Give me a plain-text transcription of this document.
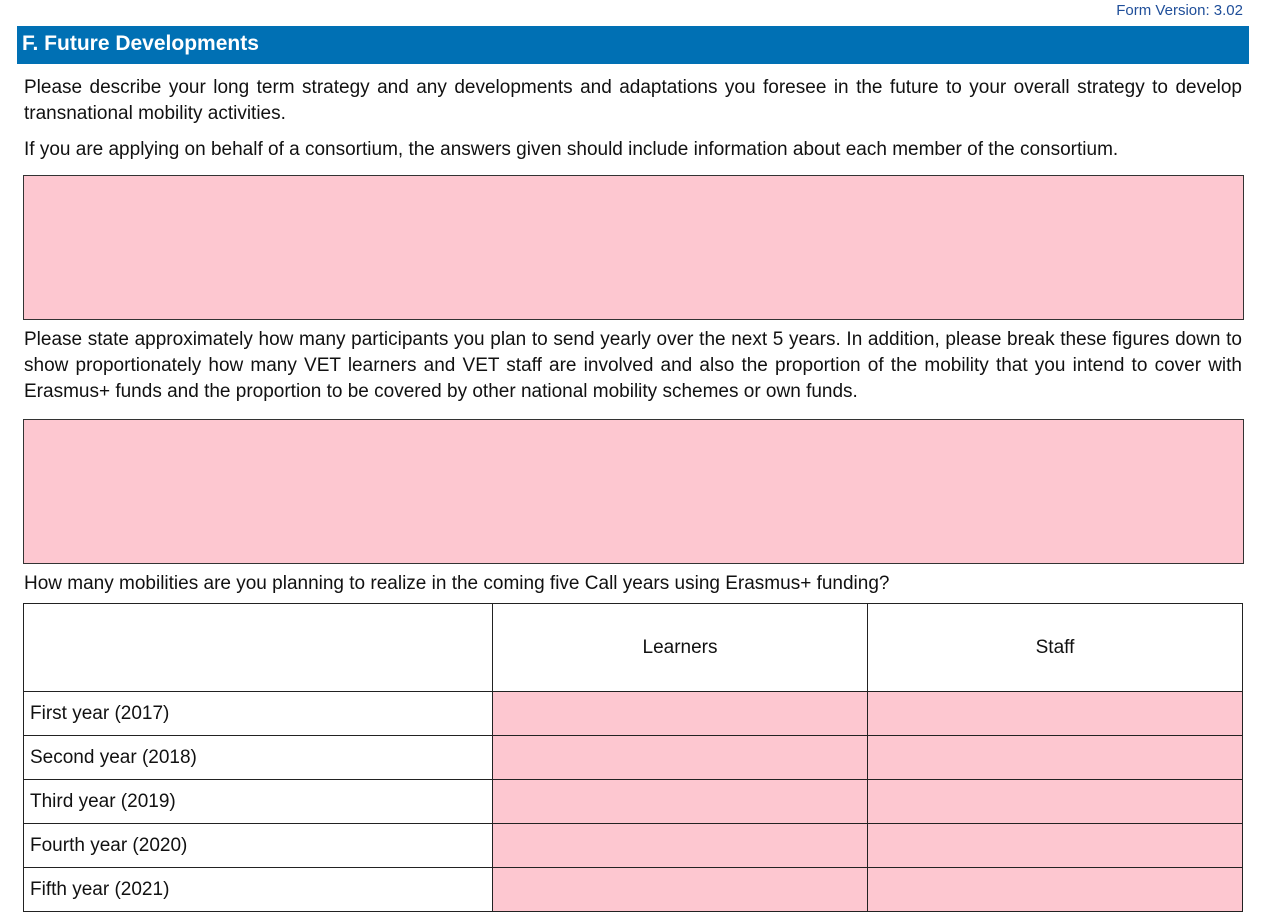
Form Version: 3.02
F. Future Developments
Please describe your long term strategy and any developments and adaptations you foresee in the future to your overall strategy to develop transnational mobility activities.
If you are applying on behalf of a consortium, the answers given should include information about each member of the consortium.
Please state approximately how many participants you plan to send yearly over the next 5 years. In addition, please break these figures down to show proportionately how many VET learners and VET staff are involved and also the proportion of the mobility that you intend to cover with Erasmus+ funds and the proportion to be covered by other national mobility schemes or own funds.
How many mobilities are you planning to realize in the coming five Call years using Erasmus+ funding?
	Learners	Staff
First year (2017)		
Second year (2018)		
Third year (2019)		
Fourth year (2020)		
Fifth year (2021)		
